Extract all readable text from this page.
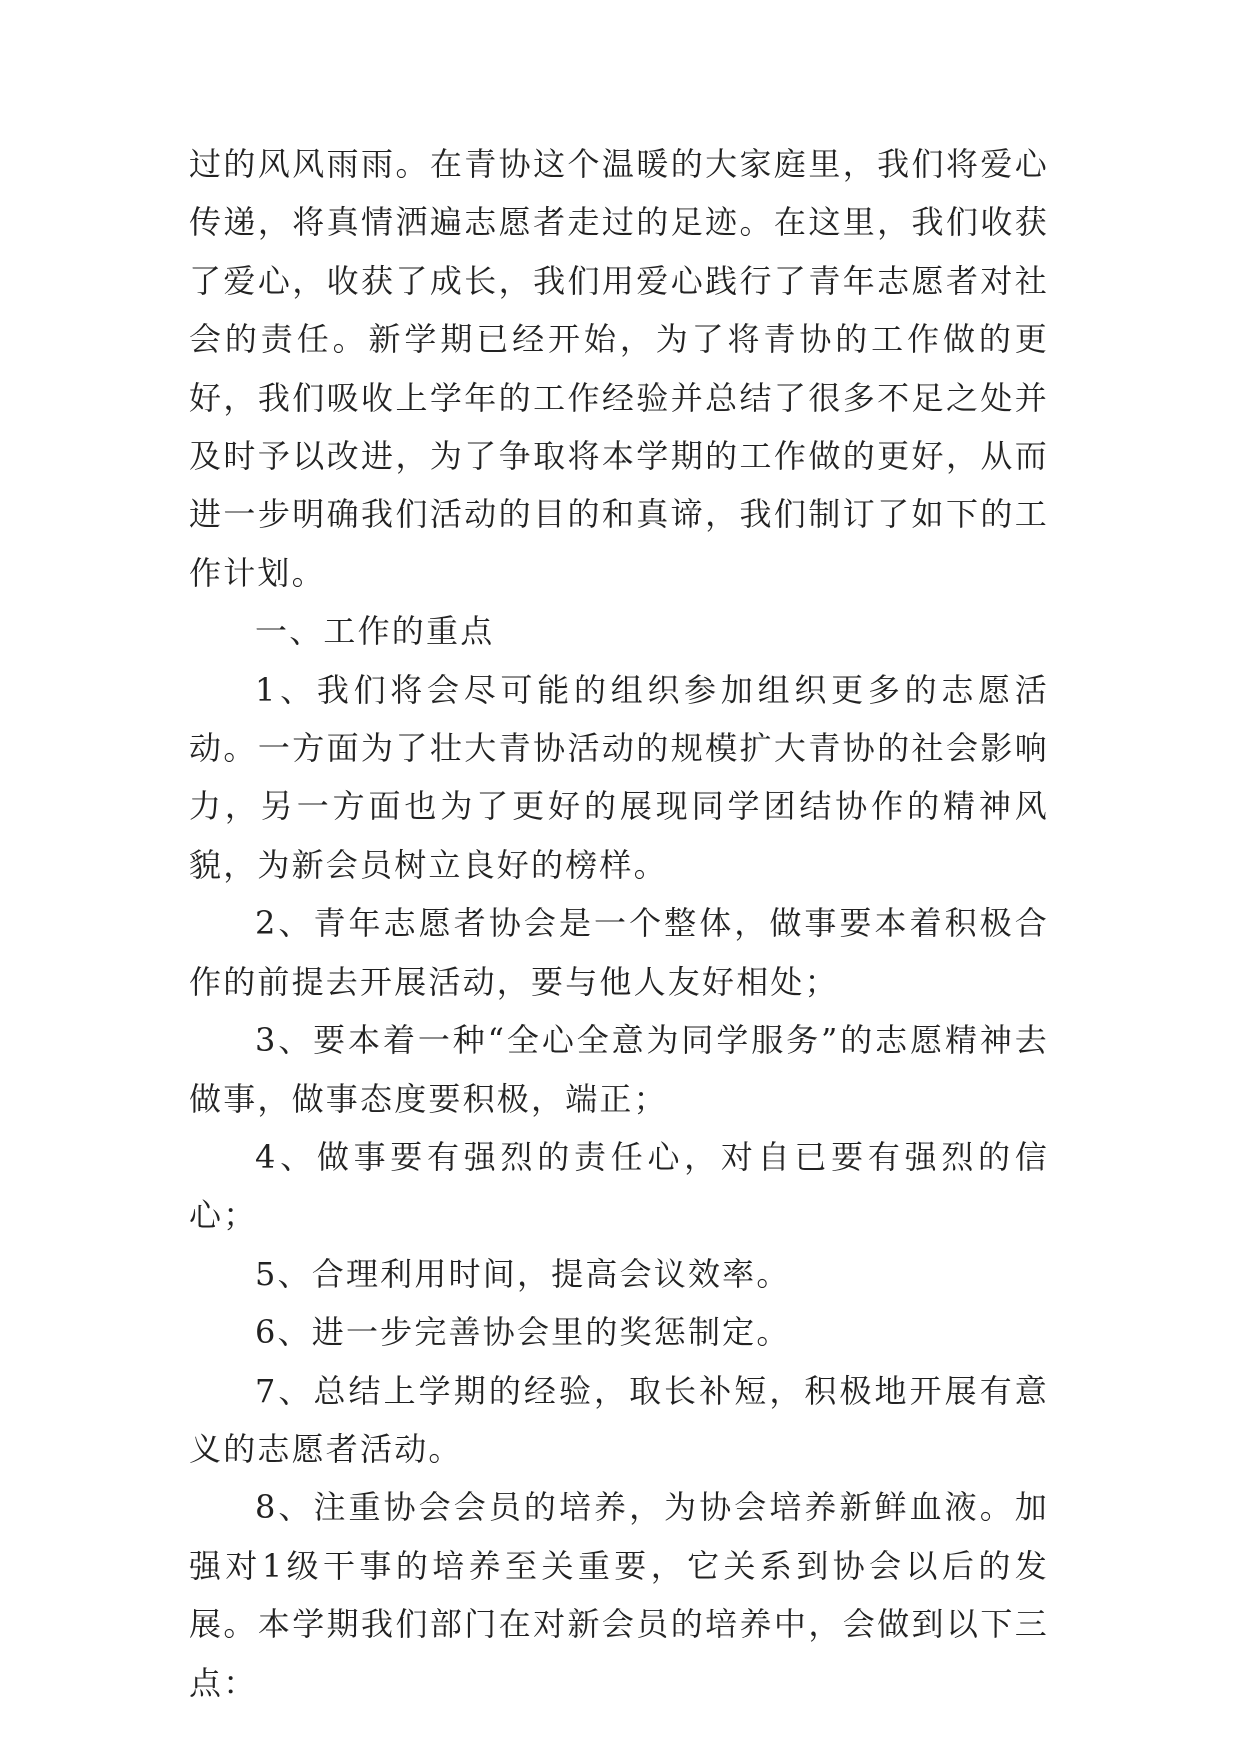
过的风风雨雨。在青协这个温暖的大家庭里，我们将爱心传递，将真情洒遍志愿者走过的足迹。在这里，我们收获了爱心，收获了成长，我们用爱心践行了青年志愿者对社会的责任。新学期已经开始，为了将青协的工作做的更好，我们吸收上学年的工作经验并总结了很多不足之处并及时予以改进，为了争取将本学期的工作做的更好，从而进一步明确我们活动的目的和真谛，我们制订了如下的工作计划。

一、工作的重点

1、我们将会尽可能的组织参加组织更多的志愿活动。一方面为了壮大青协活动的规模扩大青协的社会影响力，另一方面也为了更好的展现同学团结协作的精神风貌，为新会员树立良好的榜样。

2、青年志愿者协会是一个整体，做事要本着积极合作的前提去开展活动，要与他人友好相处；

3、要本着一种“全心全意为同学服务”的志愿精神去做事，做事态度要积极，端正；

4、做事要有强烈的责任心，对自已要有强烈的信心；

5、合理利用时间，提高会议效率。

6、进一步完善协会里的奖惩制定。

7、总结上学期的经验，取长补短，积极地开展有意义的志愿者活动。

8、注重协会会员的培养，为协会培养新鲜血液。加强对1级干事的培养至关重要，它关系到协会以后的发展。本学期我们部门在对新会员的培养中，会做到以下三点：
